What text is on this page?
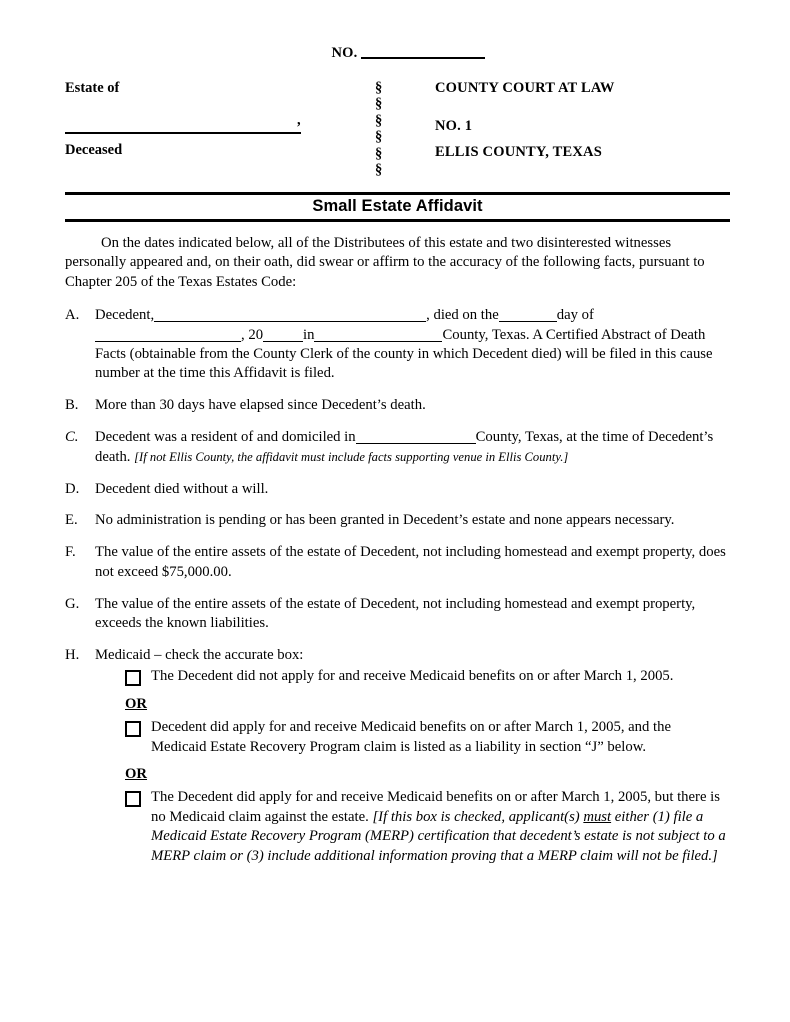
NO.
Estate of
,
Deceased
§
§
§
§
§
§
COUNTY COURT AT LAW
NO. 1
ELLIS COUNTY, TEXAS
Small Estate Affidavit
On the dates indicated below, all of the Distributees of this estate and two disinterested witnesses personally appeared and, on their oath, did swear or affirm to the accuracy of the following facts, pursuant to Chapter 205 of the Texas Estates Code:
A.	Decedent,	, died on the	day of
, 20	in	County, Texas. A Certified Abstract of Death Facts (obtainable from the County Clerk of the county in which Decedent died) will be filed in this cause number at the time this Affidavit is filed.
B.	More than 30 days have elapsed since Decedent’s death.
C.	Decedent was a resident of and domiciled in	County, Texas, at the time of Decedent’s death. [If not Ellis County, the affidavit must include facts supporting venue in Ellis County.]
D.	Decedent died without a will.
E.	No administration is pending or has been granted in Decedent’s estate and none appears necessary.
F.	The value of the entire assets of the estate of Decedent, not including homestead and exempt property, does not exceed $75,000.00.
G.	The value of the entire assets of the estate of Decedent, not including homestead and exempt property, exceeds the known liabilities.
H.	Medicaid – check the accurate box:
The Decedent did not apply for and receive Medicaid benefits on or after March 1, 2005.
OR
Decedent did apply for and receive Medicaid benefits on or after March 1, 2005, and the Medicaid Estate Recovery Program claim is listed as a liability in section “J” below.
OR
The Decedent did apply for and receive Medicaid benefits on or after March 1, 2005, but there is no Medicaid claim against the estate. [If this box is checked, applicant(s) must either (1) file a Medicaid Estate Recovery Program (MERP) certification that decedent’s estate is not subject to a MERP claim or (3) include additional information proving that a MERP claim will not be filed.]
